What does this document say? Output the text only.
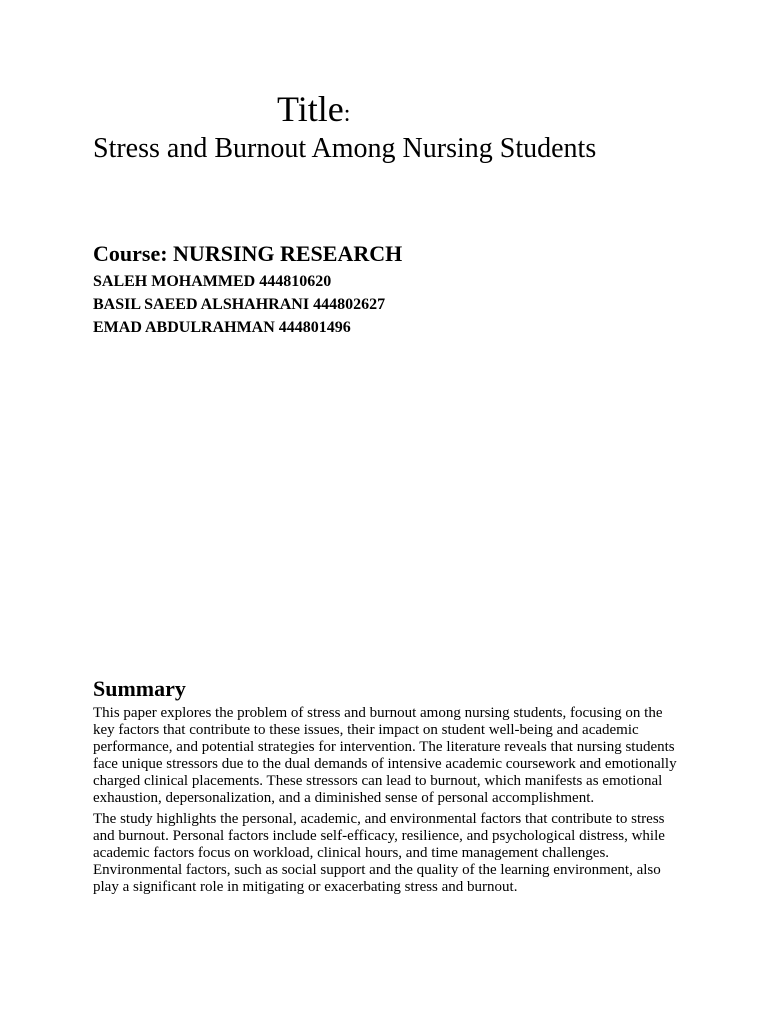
Title:
Stress and Burnout Among Nursing Students
Course: NURSING RESEARCH
SALEH MOHAMMED 444810620
BASIL SAEED ALSHAHRANI 444802627
EMAD ABDULRAHMAN 444801496
Summary

This paper explores the problem of stress and burnout among nursing students, focusing on the key factors that contribute to these issues, their impact on student well-being and academic performance, and potential strategies for intervention. The literature reveals that nursing students face unique stressors due to the dual demands of intensive academic coursework and emotionally charged clinical placements. These stressors can lead to burnout, which manifests as emotional exhaustion, depersonalization, and a diminished sense of personal accomplishment.

The study highlights the personal, academic, and environmental factors that contribute to stress and burnout. Personal factors include self-efficacy, resilience, and psychological distress, while academic factors focus on workload, clinical hours, and time management challenges. Environmental factors, such as social support and the quality of the learning environment, also play a significant role in mitigating or exacerbating stress and burnout.
